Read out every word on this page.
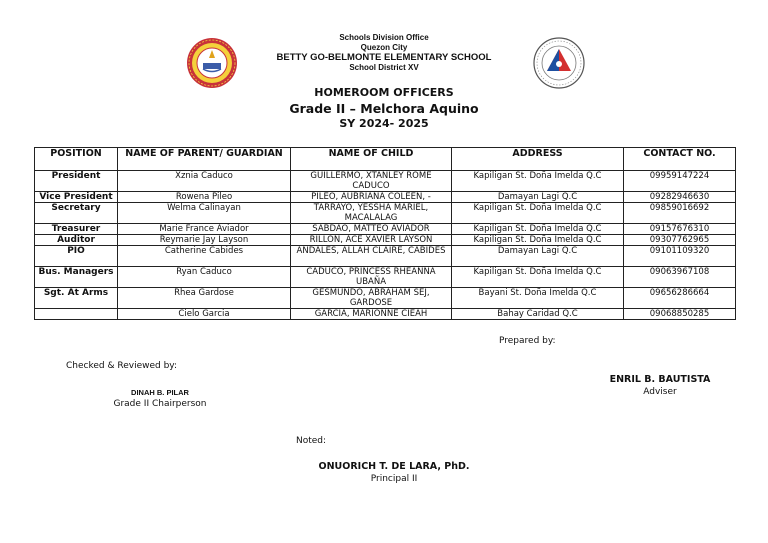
Schools Division Office
Quezon City
BETTY GO-BELMONTE ELEMENTARY SCHOOL
School District XV
HOMEROOM OFFICERS
Grade II – Melchora Aquino
SY 2024- 2025
POSITION	NAME OF PARENT/ GUARDIAN	NAME OF CHILD	ADDRESS	CONTACT NO.
President	Xznia Caduco	GUILLERMO, XTANLEY ROME CADUCO	Kapiligan St. Doña Imelda Q.C	09959147224
Vice President	Rowena Pileo	PILEO, AUBRIANA COLEEN, -	Damayan Lagi Q.C	09282946630
Secretary	Welma Calinayan	TARRAYO, YESSHA MARIEL, MACALALAG	Kapiligan St. Doña Imelda Q.C	09859016692
Treasurer	Marie France Aviador	SABDAO, MATTEO AVIADOR	Kapiligan St. Doña Imelda Q.C	09157676310
Auditor	Reymarie Jay Layson	RILLON, ACE XAVIER LAYSON	Kapiligan St. Doña Imelda Q.C	09307762965
PIO	Catherine Cabides	ANDALES, ALLAH CLAIRE, CABIDES	Damayan Lagi Q.C	09101109320
Bus. Managers	Ryan Caduco	CADUCO, PRINCESS RHEANNA UBAÑA	Kapiligan St. Doña Imelda Q.C	09063967108
Sgt. At Arms	Rhea Gardose	GESMUNDO, ABRAHAM SEJ, GARDOSE	Bayani St. Doña Imelda Q.C	09656286664
	Cielo Garcia	GARCIA, MARIONNE CIEAH	Bahay Caridad Q.C	09068850285
Prepared by:
Checked & Reviewed by:
ENRIL B. BAUTISTA
Adviser
DINAH B. PILAR
Grade II Chairperson
Noted:
ONUORICH T. DE LARA, PhD.
Principal II
